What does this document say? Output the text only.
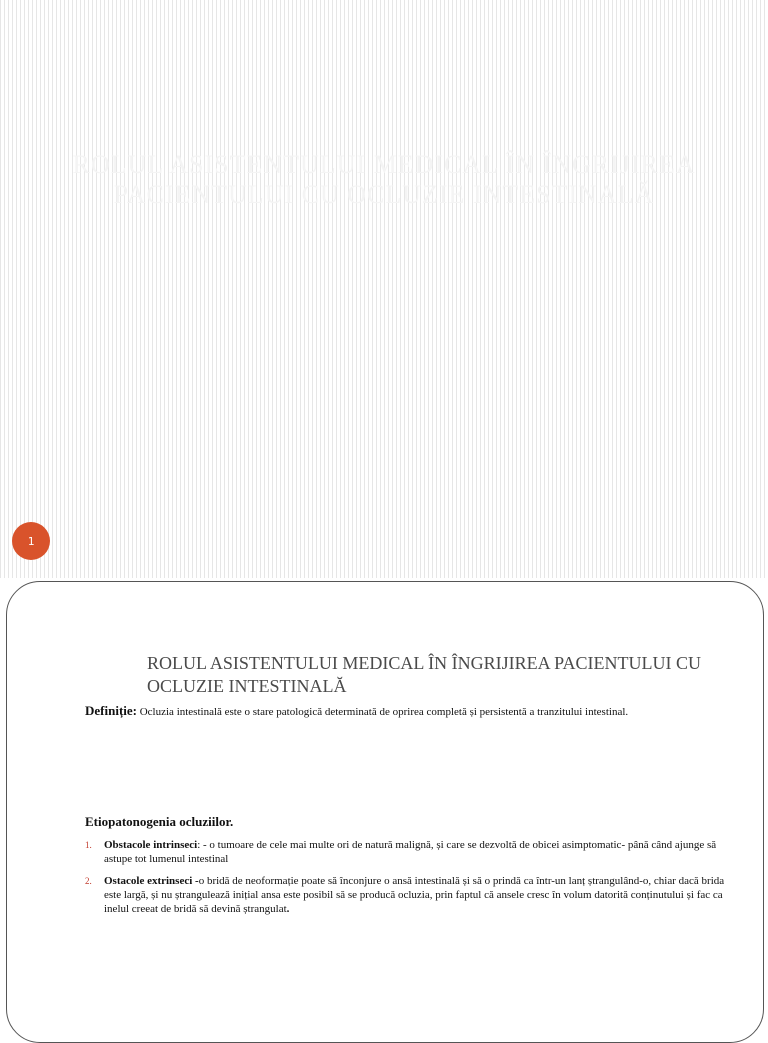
ROLUL ASISTENTULUI MEDICAL ÎN ÎNGRIJIREA
PACIENTULUI CU OCLUZIE INTESTINALĂ
1
ROLUL ASISTENTULUI MEDICAL ÎN ÎNGRIJIREA PACIENTULUI CU
OCLUZIE INTESTINALĂ
Definiție: Ocluzia intestinală este o stare patologică determinată de oprirea completă și persistentă a tranzitului intestinal.
Etiopatonogenia ocluziilor.
1. Obstacole intrinseci: - o tumoare de cele mai multe ori de natură malignă, și care se dezvoltă de obicei asimptomatic- până când ajunge să astupe tot lumenul intestinal
2. Ostacole extrinseci -o bridă de neoformație poate să înconjure o ansă intestinală și să o prindă ca într-un lanț ștrangulând-o, chiar dacă brida este largă, și nu ștrangulează inițial ansa este posibil să se producă ocluzia, prin faptul că ansele cresc în volum datorită conținutului și fac ca inelul creeat de bridă să devină ștrangulat.
